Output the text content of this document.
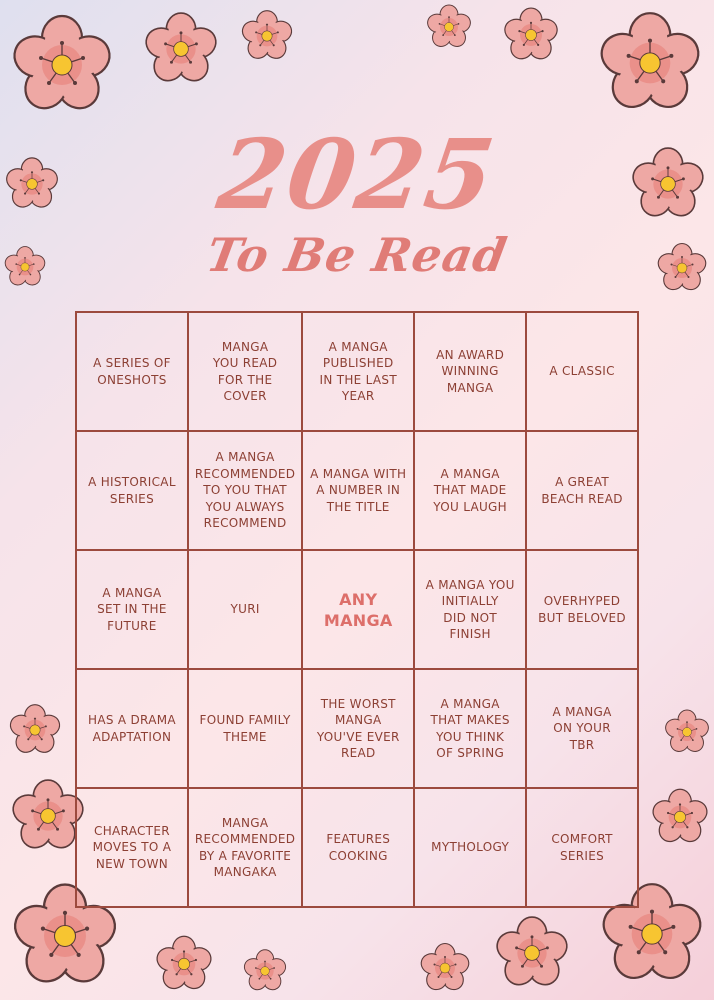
2025
To Be Read
A SERIES OF
ONESHOTS
MANGA
YOU READ
FOR THE
COVER
A MANGA
PUBLISHED
IN THE LAST
YEAR
AN AWARD
WINNING
MANGA
A CLASSIC
A HISTORICAL
SERIES
A MANGA
RECOMMENDED
TO YOU THAT
YOU ALWAYS
RECOMMEND
A MANGA WITH
A NUMBER IN
THE TITLE
A MANGA
THAT MADE
YOU LAUGH
A GREAT
BEACH READ
A MANGA
SET IN THE
FUTURE
YURI
ANY
MANGA
A MANGA YOU
INITIALLY
DID NOT FINISH
OVERHYPED
BUT BELOVED
HAS A DRAMA
ADAPTATION
FOUND FAMILY
THEME
THE WORST
MANGA
YOU'VE EVER
READ
A MANGA
THAT MAKES
YOU THINK
OF SPRING
A MANGA
ON YOUR
TBR
CHARACTER
MOVES TO A
NEW TOWN
MANGA
RECOMMENDED
BY A FAVORITE
MANGAKA
FEATURES
COOKING
MYTHOLOGY
COMFORT
SERIES
